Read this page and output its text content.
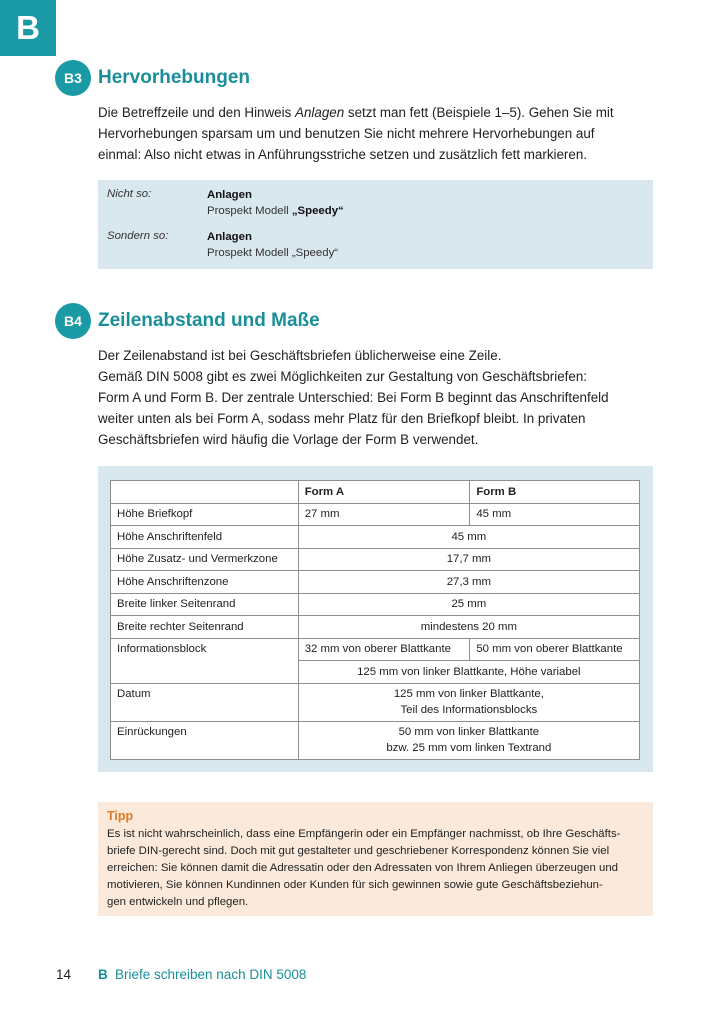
B
B3 Hervorhebungen
Die Betreffzeile und den Hinweis Anlagen setzt man fett (Beispiele 1–5). Gehen Sie mit
Hervorhebungen sparsam um und benutzen Sie nicht mehrere Hervorhebungen auf
einmal: Also nicht etwas in Anführungsstriche setzen und zusätzlich fett markieren.
Nicht so:	Anlagen
Prospekt Modell „Speedy“
Sondern so:	Anlagen
Prospekt Modell „Speedy“
B4 Zeilenabstand und Maße
Der Zeilenabstand ist bei Geschäftsbriefen üblicherweise eine Zeile.
Gemäß DIN 5008 gibt es zwei Möglichkeiten zur Gestaltung von Geschäftsbriefen:
Form A und Form B. Der zentrale Unterschied: Bei Form B beginnt das Anschriftenfeld
weiter unten als bei Form A, sodass mehr Platz für den Briefkopf bleibt. In privaten
Geschäftsbriefen wird häufig die Vorlage der Form B verwendet.
	Form A	Form B
Höhe Briefkopf	27 mm	45 mm
Höhe Anschriftenfeld	45 mm	
Höhe Zusatz- und Vermerkzone	17,7 mm	
Höhe Anschriftenzone	27,3 mm	
Breite linker Seitenrand	25 mm	
Breite rechter Seitenrand	mindestens 20 mm	
Informationsblock	32 mm von oberer Blattkante	50 mm von oberer Blattkante
	125 mm von linker Blattkante, Höhe variabel	
Datum	125 mm von linker Blattkante,
Teil des Informationsblocks	
Einrückungen	50 mm von linker Blattkante
bzw. 25 mm vom linken Textrand	
Tipp
Es ist nicht wahrscheinlich, dass eine Empfängerin oder ein Empfänger nachmisst, ob Ihre Geschäfts-
briefe DIN-gerecht sind. Doch mit gut gestalteter und geschriebener Korrespondenz können Sie viel
erreichen: Sie können damit die Adressatin oder den Adressaten von Ihrem Anliegen überzeugen und
motivieren, Sie können Kundinnen oder Kunden für sich gewinnen sowie gute Geschäftsbeziehun-
gen entwickeln und pflegen.
14 B Briefe schreiben nach DIN 5008
